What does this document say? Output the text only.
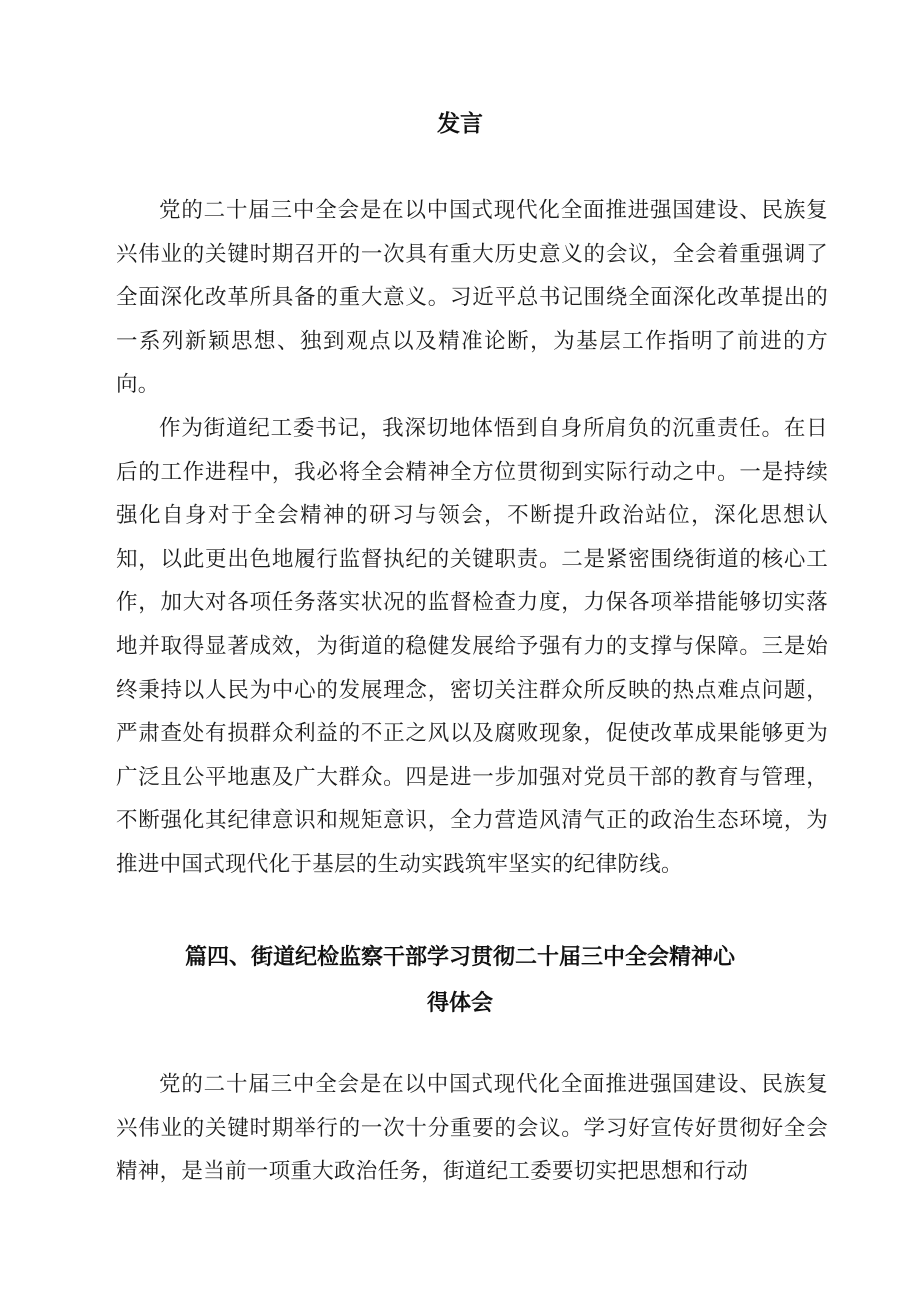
发言

党的二十届三中全会是在以中国式现代化全面推进强国建设、民族复兴伟业的关键时期召开的一次具有重大历史意义的会议，全会着重强调了全面深化改革所具备的重大意义。习近平总书记围绕全面深化改革提出的一系列新颖思想、独到观点以及精准论断，为基层工作指明了前进的方向。

作为街道纪工委书记，我深切地体悟到自身所肩负的沉重责任。在日后的工作进程中，我必将全会精神全方位贯彻到实际行动之中。一是持续强化自身对于全会精神的研习与领会，不断提升政治站位，深化思想认知，以此更出色地履行监督执纪的关键职责。二是紧密围绕街道的核心工作，加大对各项任务落实状况的监督检查力度，力保各项举措能够切实落地并取得显著成效，为街道的稳健发展给予强有力的支撑与保障。三是始终秉持以人民为中心的发展理念，密切关注群众所反映的热点难点问题，严肃查处有损群众利益的不正之风以及腐败现象，促使改革成果能够更为广泛且公平地惠及广大群众。四是进一步加强对党员干部的教育与管理，不断强化其纪律意识和规矩意识，全力营造风清气正的政治生态环境，为推进中国式现代化于基层的生动实践筑牢坚实的纪律防线。

篇四、街道纪检监察干部学习贯彻二十届三中全会精神心
得体会

党的二十届三中全会是在以中国式现代化全面推进强国建设、民族复兴伟业的关键时期举行的一次十分重要的会议。学习好宣传好贯彻好全会精神，是当前一项重大政治任务，街道纪工委要切实把思想和行动
